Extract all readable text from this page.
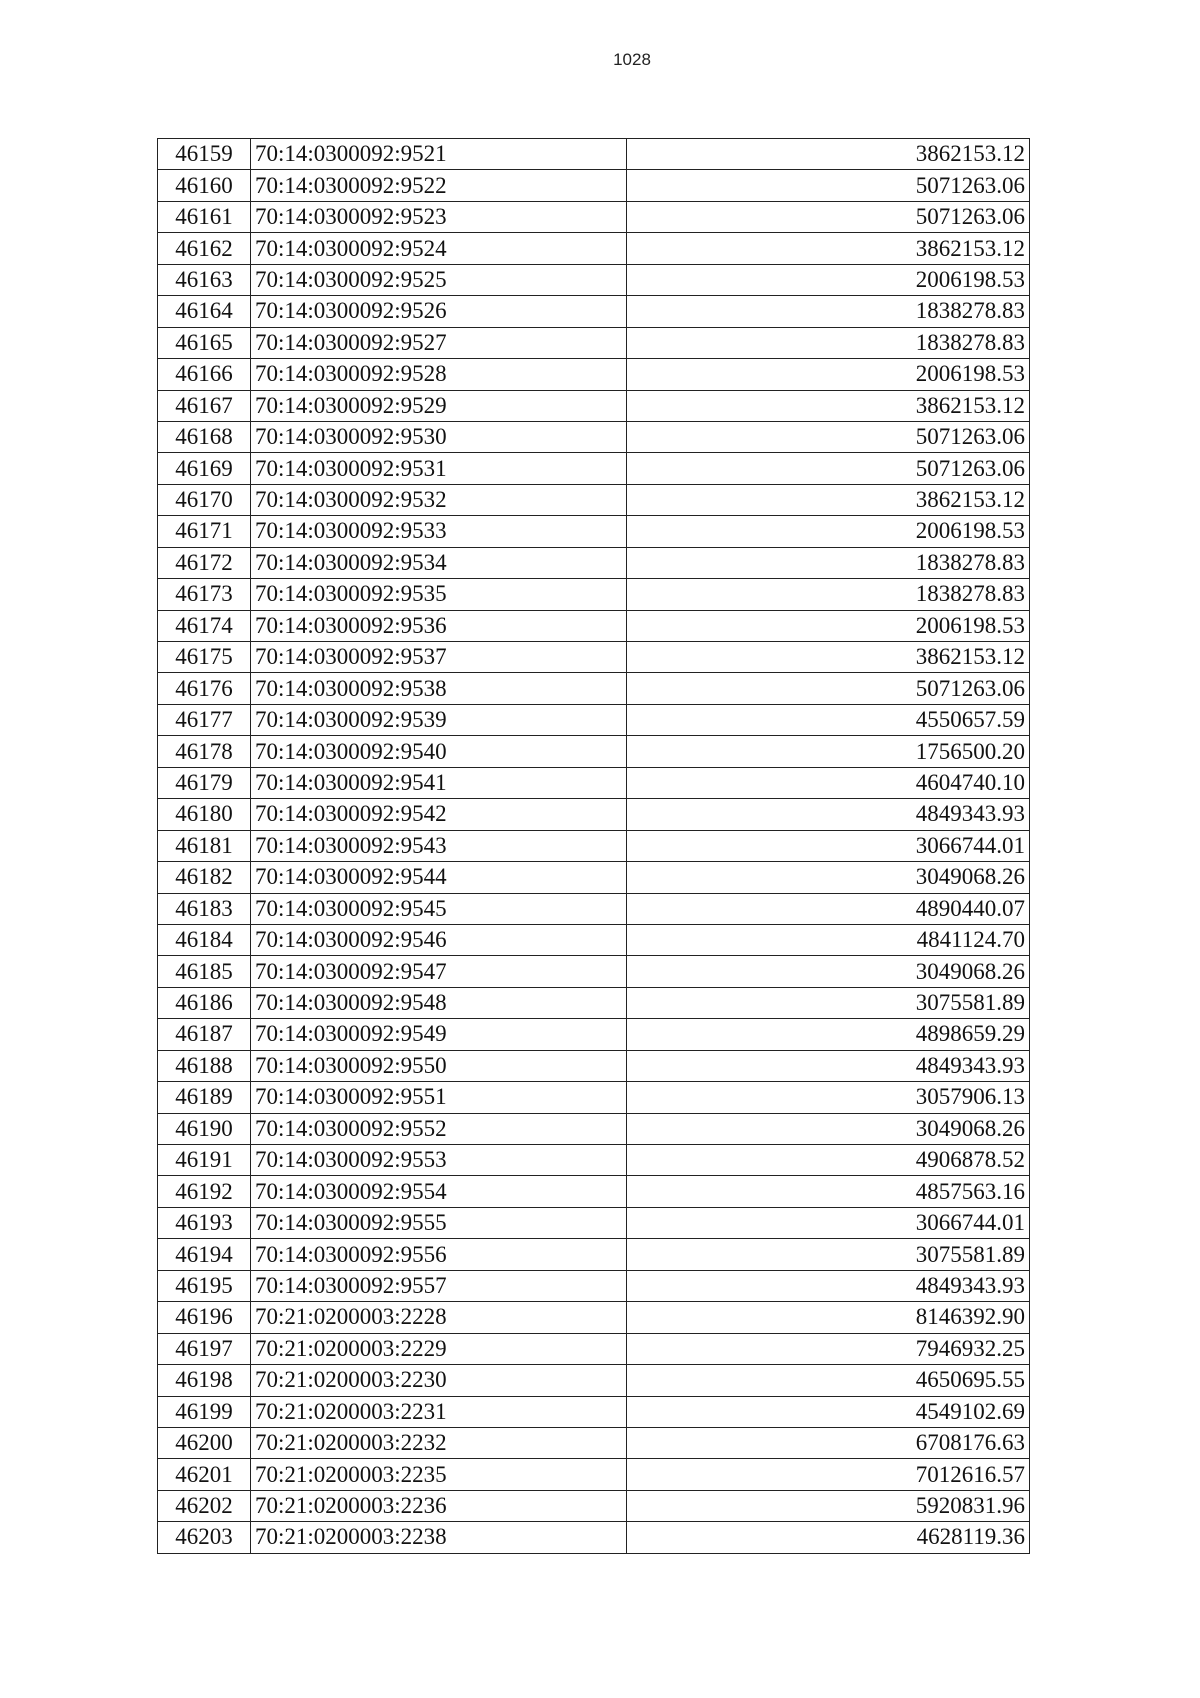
1028
46159	70:14:0300092:9521	3862153.12
46160	70:14:0300092:9522	5071263.06
46161	70:14:0300092:9523	5071263.06
46162	70:14:0300092:9524	3862153.12
46163	70:14:0300092:9525	2006198.53
46164	70:14:0300092:9526	1838278.83
46165	70:14:0300092:9527	1838278.83
46166	70:14:0300092:9528	2006198.53
46167	70:14:0300092:9529	3862153.12
46168	70:14:0300092:9530	5071263.06
46169	70:14:0300092:9531	5071263.06
46170	70:14:0300092:9532	3862153.12
46171	70:14:0300092:9533	2006198.53
46172	70:14:0300092:9534	1838278.83
46173	70:14:0300092:9535	1838278.83
46174	70:14:0300092:9536	2006198.53
46175	70:14:0300092:9537	3862153.12
46176	70:14:0300092:9538	5071263.06
46177	70:14:0300092:9539	4550657.59
46178	70:14:0300092:9540	1756500.20
46179	70:14:0300092:9541	4604740.10
46180	70:14:0300092:9542	4849343.93
46181	70:14:0300092:9543	3066744.01
46182	70:14:0300092:9544	3049068.26
46183	70:14:0300092:9545	4890440.07
46184	70:14:0300092:9546	4841124.70
46185	70:14:0300092:9547	3049068.26
46186	70:14:0300092:9548	3075581.89
46187	70:14:0300092:9549	4898659.29
46188	70:14:0300092:9550	4849343.93
46189	70:14:0300092:9551	3057906.13
46190	70:14:0300092:9552	3049068.26
46191	70:14:0300092:9553	4906878.52
46192	70:14:0300092:9554	4857563.16
46193	70:14:0300092:9555	3066744.01
46194	70:14:0300092:9556	3075581.89
46195	70:14:0300092:9557	4849343.93
46196	70:21:0200003:2228	8146392.90
46197	70:21:0200003:2229	7946932.25
46198	70:21:0200003:2230	4650695.55
46199	70:21:0200003:2231	4549102.69
46200	70:21:0200003:2232	6708176.63
46201	70:21:0200003:2235	7012616.57
46202	70:21:0200003:2236	5920831.96
46203	70:21:0200003:2238	4628119.36
